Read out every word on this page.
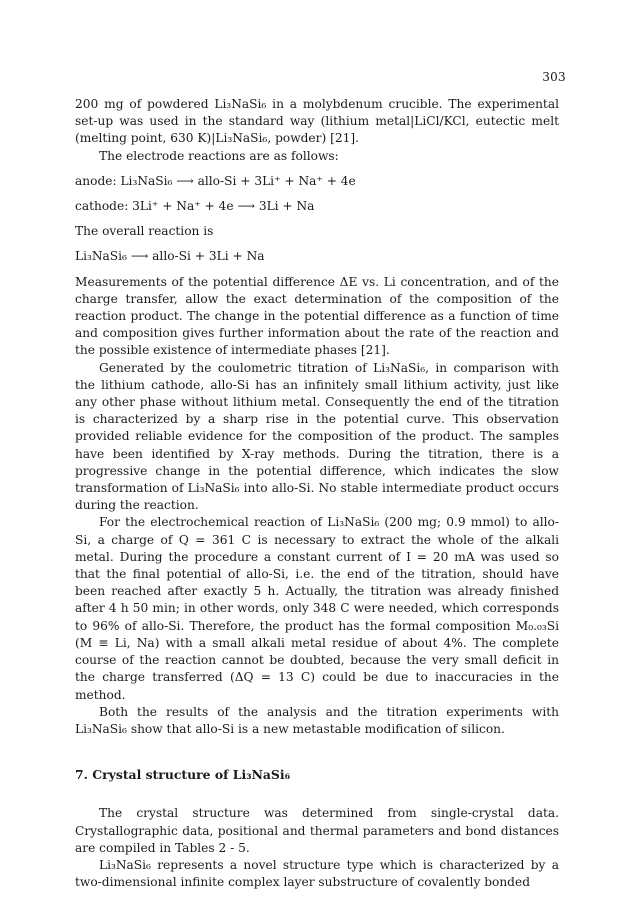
303

200 mg of powdered Li₃NaSi₆ in a molybdenum crucible. The experimental set-up was used in the standard way (lithium metal|LiCl/KCl, eutectic melt (melting point, 630 K)|Li₃NaSi₆, powder) [21].

The electrode reactions are as follows:

anode: Li₃NaSi₆ ⟶ allo-Si + 3Li⁺ + Na⁺ + 4e

cathode: 3Li⁺ + Na⁺ + 4e ⟶ 3Li + Na

The overall reaction is

Li₃NaSi₆ ⟶ allo-Si + 3Li + Na

Measurements of the potential difference ΔE vs. Li concentration, and of the charge transfer, allow the exact determination of the composition of the reaction product. The change in the potential difference as a function of time and composition gives further information about the rate of the reaction and the possible existence of intermediate phases [21].

Generated by the coulometric titration of Li₃NaSi₆, in comparison with the lithium cathode, allo-Si has an infinitely small lithium activity, just like any other phase without lithium metal. Consequently the end of the titration is characterized by a sharp rise in the potential curve. This observation provided reliable evidence for the composition of the product. The samples have been identified by X-ray methods. During the titration, there is a progressive change in the potential difference, which indicates the slow transformation of Li₃NaSi₆ into allo-Si. No stable intermediate product occurs during the reaction.

For the electrochemical reaction of Li₃NaSi₆ (200 mg; 0.9 mmol) to allo-Si, a charge of Q = 361 C is necessary to extract the whole of the alkali metal. During the procedure a constant current of I = 20 mA was used so that the final potential of allo-Si, i.e. the end of the titration, should have been reached after exactly 5 h. Actually, the titration was already finished after 4 h 50 min; in other words, only 348 C were needed, which corresponds to 96% of allo-Si. Therefore, the product has the formal composition M₀.₀₃Si (M ≡ Li, Na) with a small alkali metal residue of about 4%. The complete course of the reaction cannot be doubted, because the very small deficit in the charge transferred (ΔQ = 13 C) could be due to inaccuracies in the method.

Both the results of the analysis and the titration experiments with Li₃NaSi₆ show that allo-Si is a new metastable modification of silicon.

7. Crystal structure of Li₃NaSi₆

The crystal structure was determined from single-crystal data. Crystallographic data, positional and thermal parameters and bond distances are compiled in Tables 2 - 5.

Li₃NaSi₆ represents a novel structure type which is characterized by a two-dimensional infinite complex layer substructure of covalently bonded
